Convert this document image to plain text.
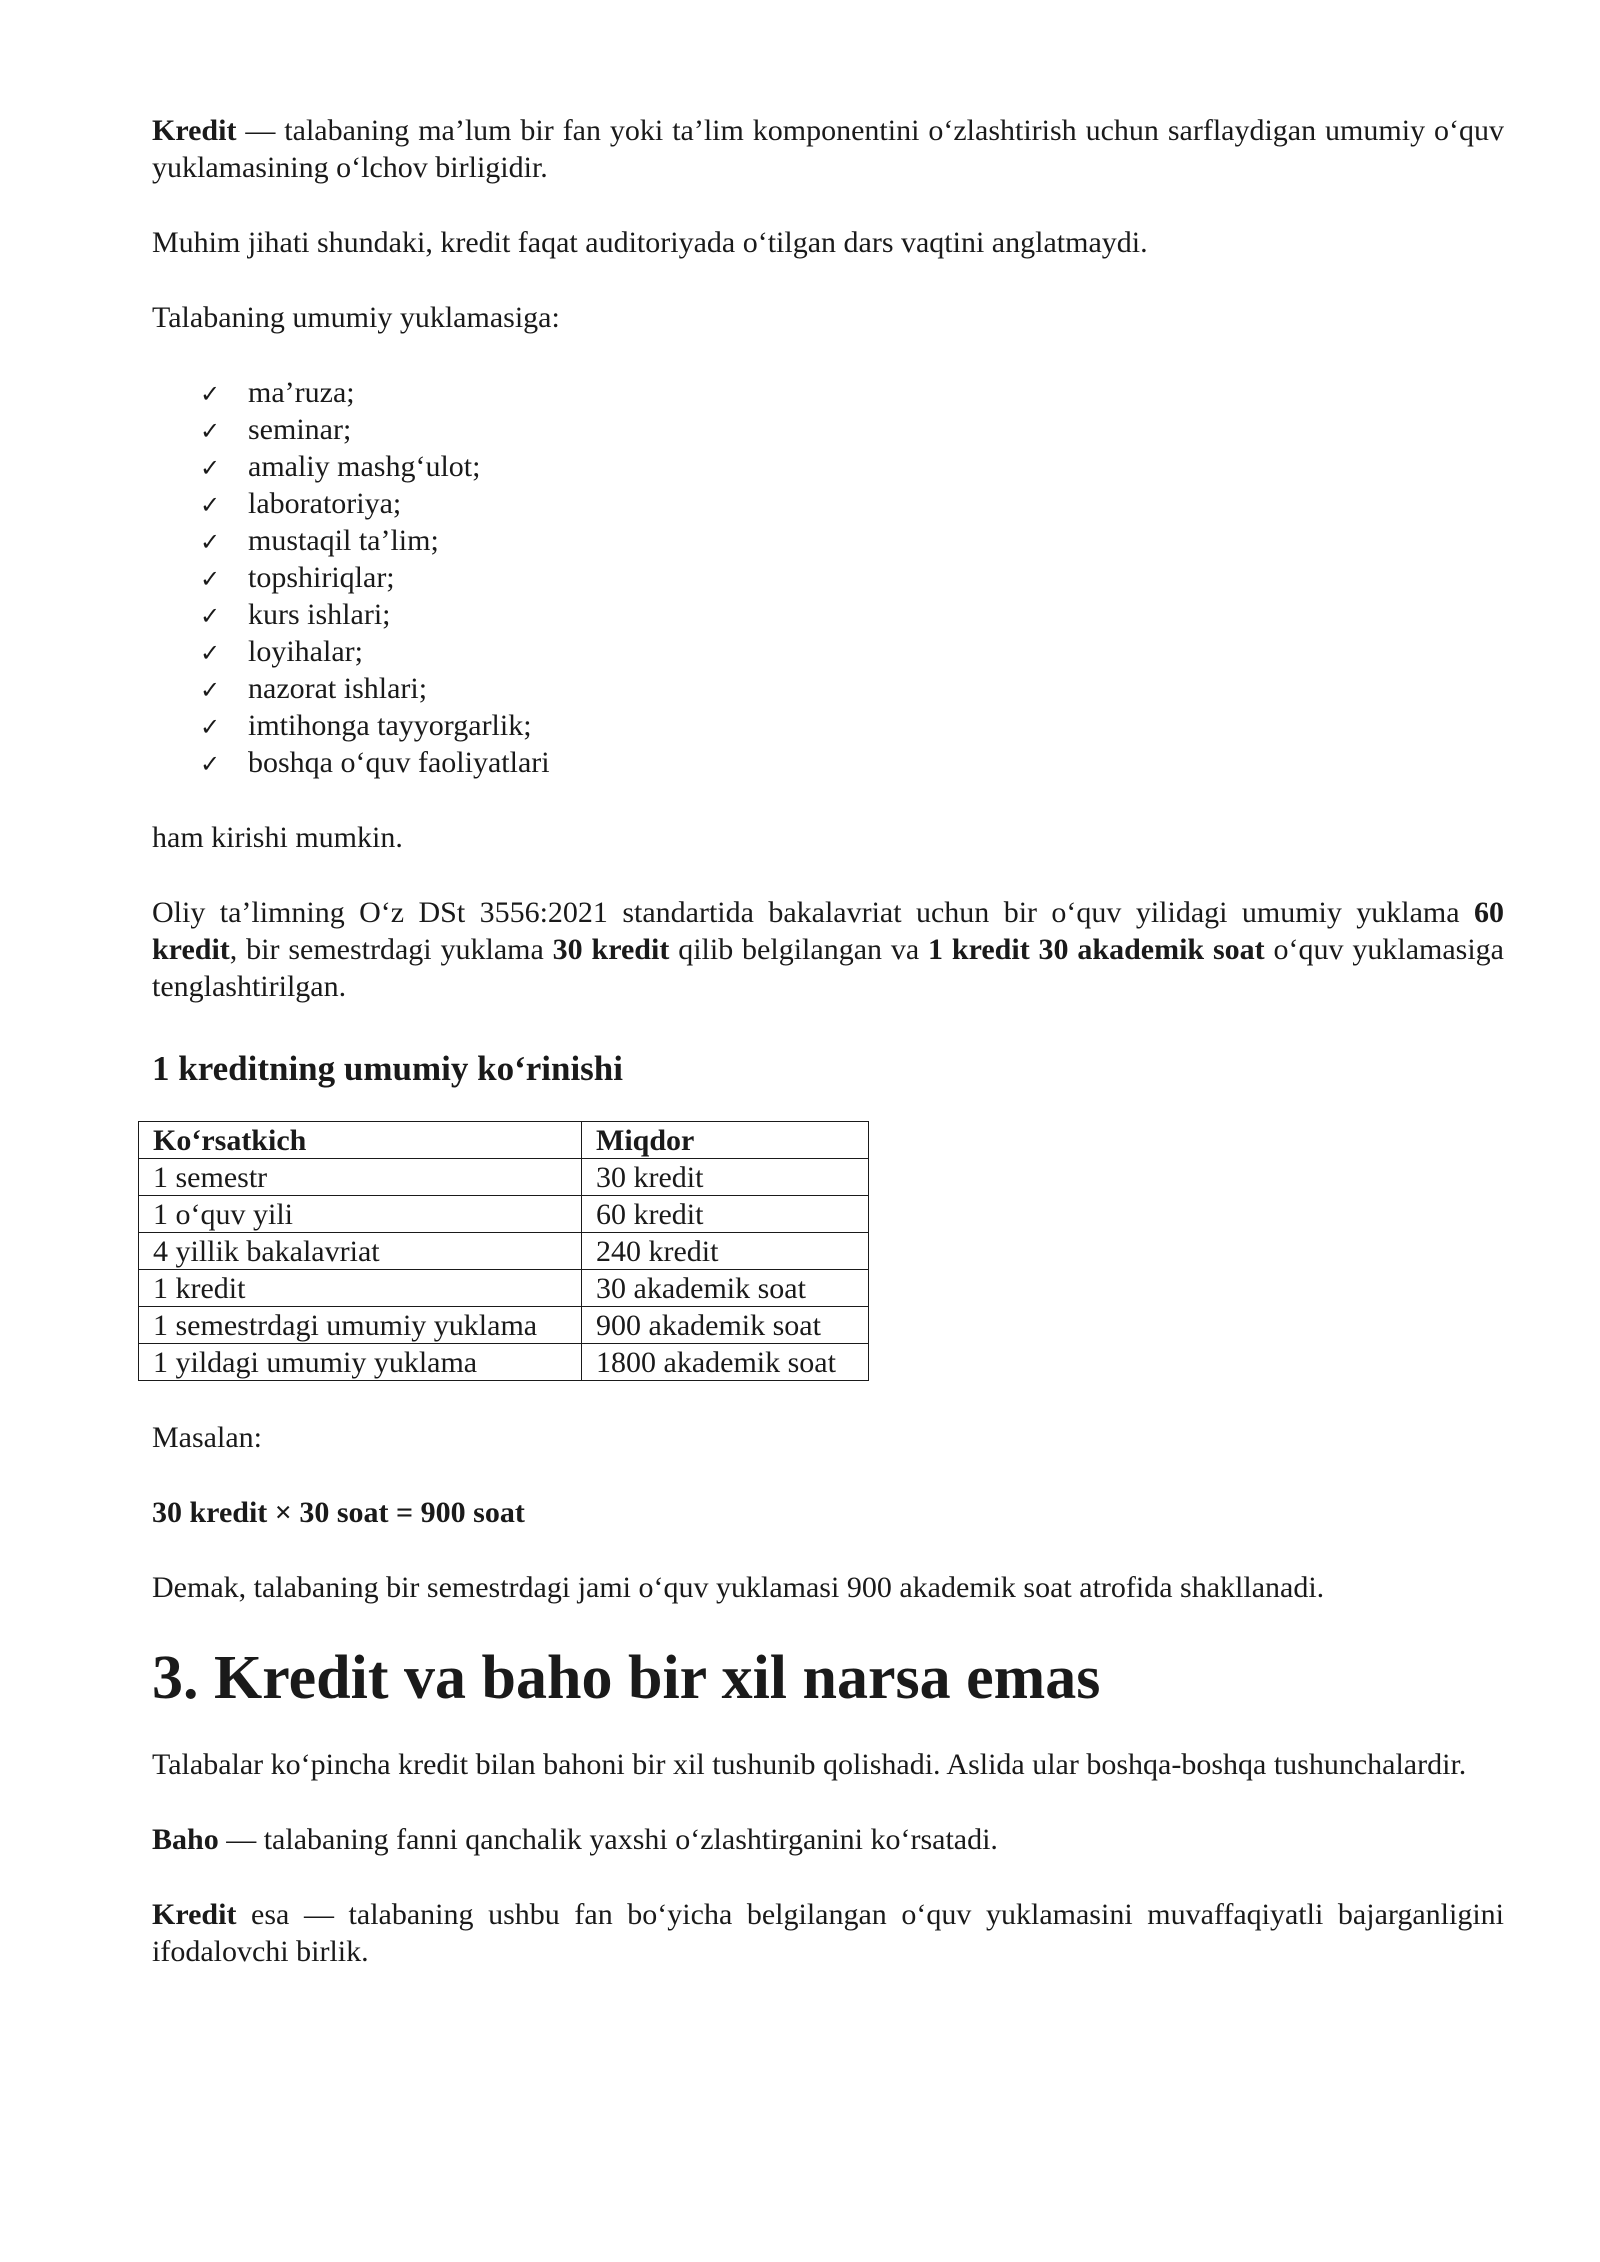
Kredit — talabaning ma’lum bir fan yoki ta’lim komponentini o‘zlashtirish uchun sarflaydigan umumiy o‘quv yuklamasining o‘lchov birligidir.

Muhim jihati shundaki, kredit faqat auditoriyada o‘tilgan dars vaqtini anglatmaydi.

Talabaning umumiy yuklamasiga:

✓ ma’ruza;
✓ seminar;
✓ amaliy mashg‘ulot;
✓ laboratoriya;
✓ mustaqil ta’lim;
✓ topshiriqlar;
✓ kurs ishlari;
✓ loyihalar;
✓ nazorat ishlari;
✓ imtihonga tayyorgarlik;
✓ boshqa o‘quv faoliyatlari

ham kirishi mumkin.

Oliy ta’limning O‘z DSt 3556:2021 standartida bakalavriat uchun bir o‘quv yilidagi umumiy yuklama 60 kredit, bir semestrdagi yuklama 30 kredit qilib belgilangan va 1 kredit 30 akademik soat o‘quv yuklamasiga tenglashtirilgan.

1 kreditning umumiy ko‘rinishi
Ko‘rsatkich	Miqdor
1 semestr	30 kredit
1 o‘quv yili	60 kredit
4 yillik bakalavriat	240 kredit
1 kredit	30 akademik soat
1 semestrdagi umumiy yuklama	900 akademik soat
1 yildagi umumiy yuklama	1800 akademik soat

Masalan:

30 kredit × 30 soat = 900 soat

Demak, talabaning bir semestrdagi jami o‘quv yuklamasi 900 akademik soat atrofida shakllanadi.

3. Kredit va baho bir xil narsa emas

Talabalar ko‘pincha kredit bilan bahoni bir xil tushunib qolishadi. Aslida ular boshqa-boshqa tushunchalardir.

Baho — talabaning fanni qanchalik yaxshi o‘zlashtirganini ko‘rsatadi.

Kredit esa — talabaning ushbu fan bo‘yicha belgilangan o‘quv yuklamasini muvaffaqiyatli bajarganligini ifodalovchi birlik.
